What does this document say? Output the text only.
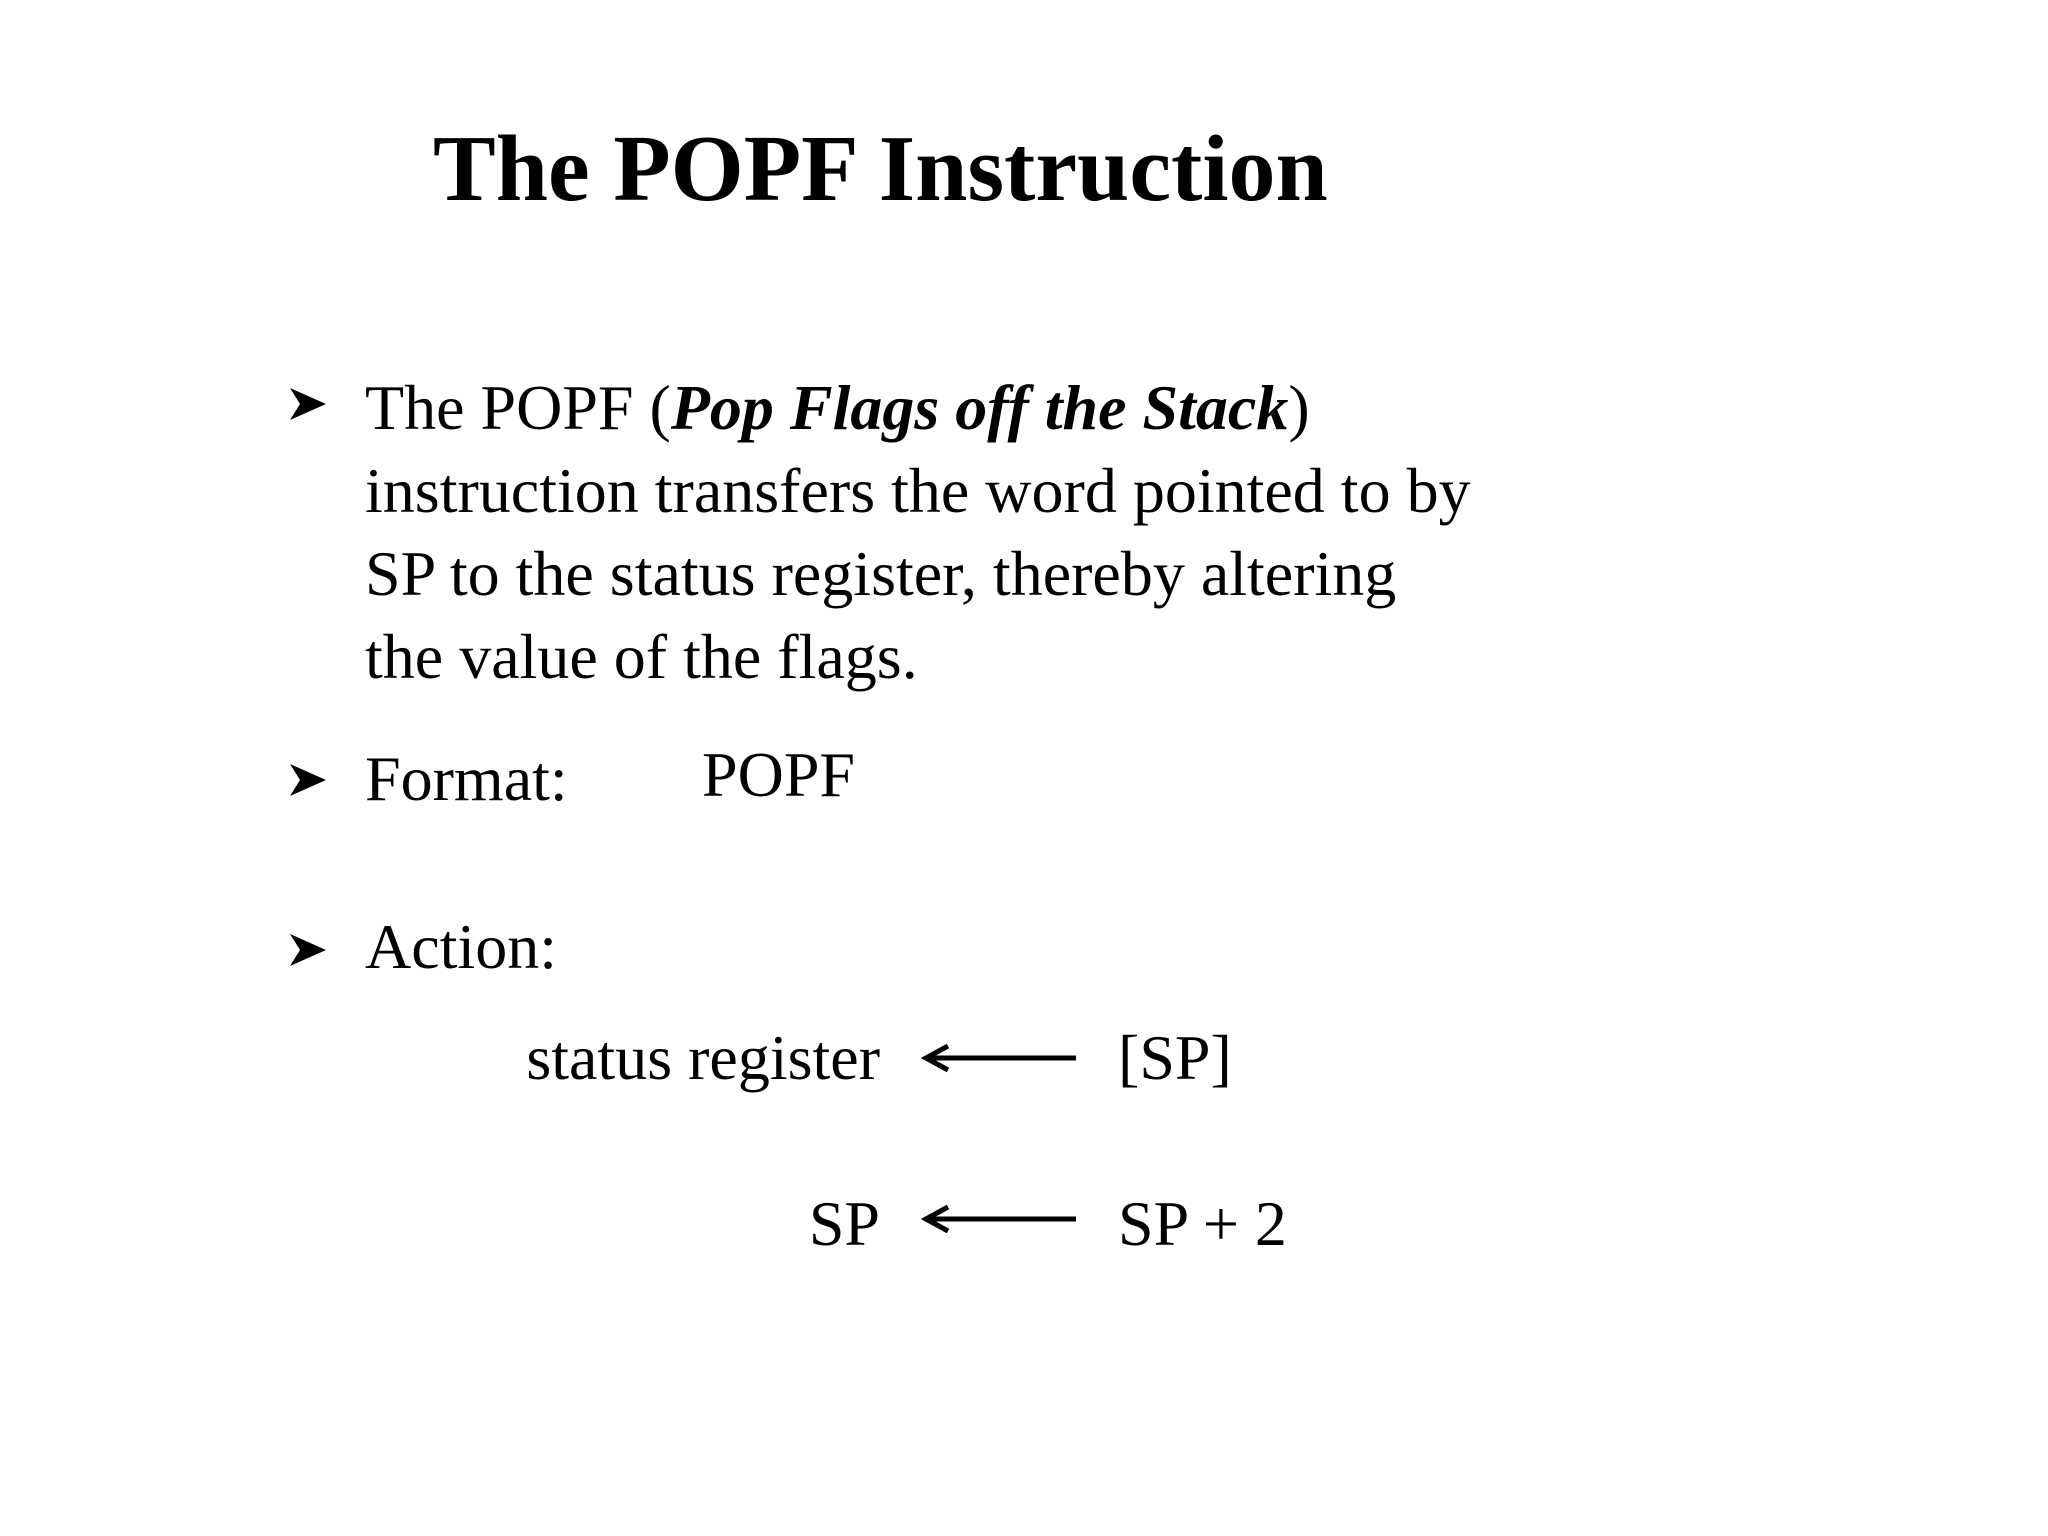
The POPF Instruction
The POPF (Pop Flags off the Stack)
instruction transfers the word pointed to by
SP to the status register, thereby altering
the value of the flags.
Format: POPF
Action:
status register	[SP]
SP	SP + 2
